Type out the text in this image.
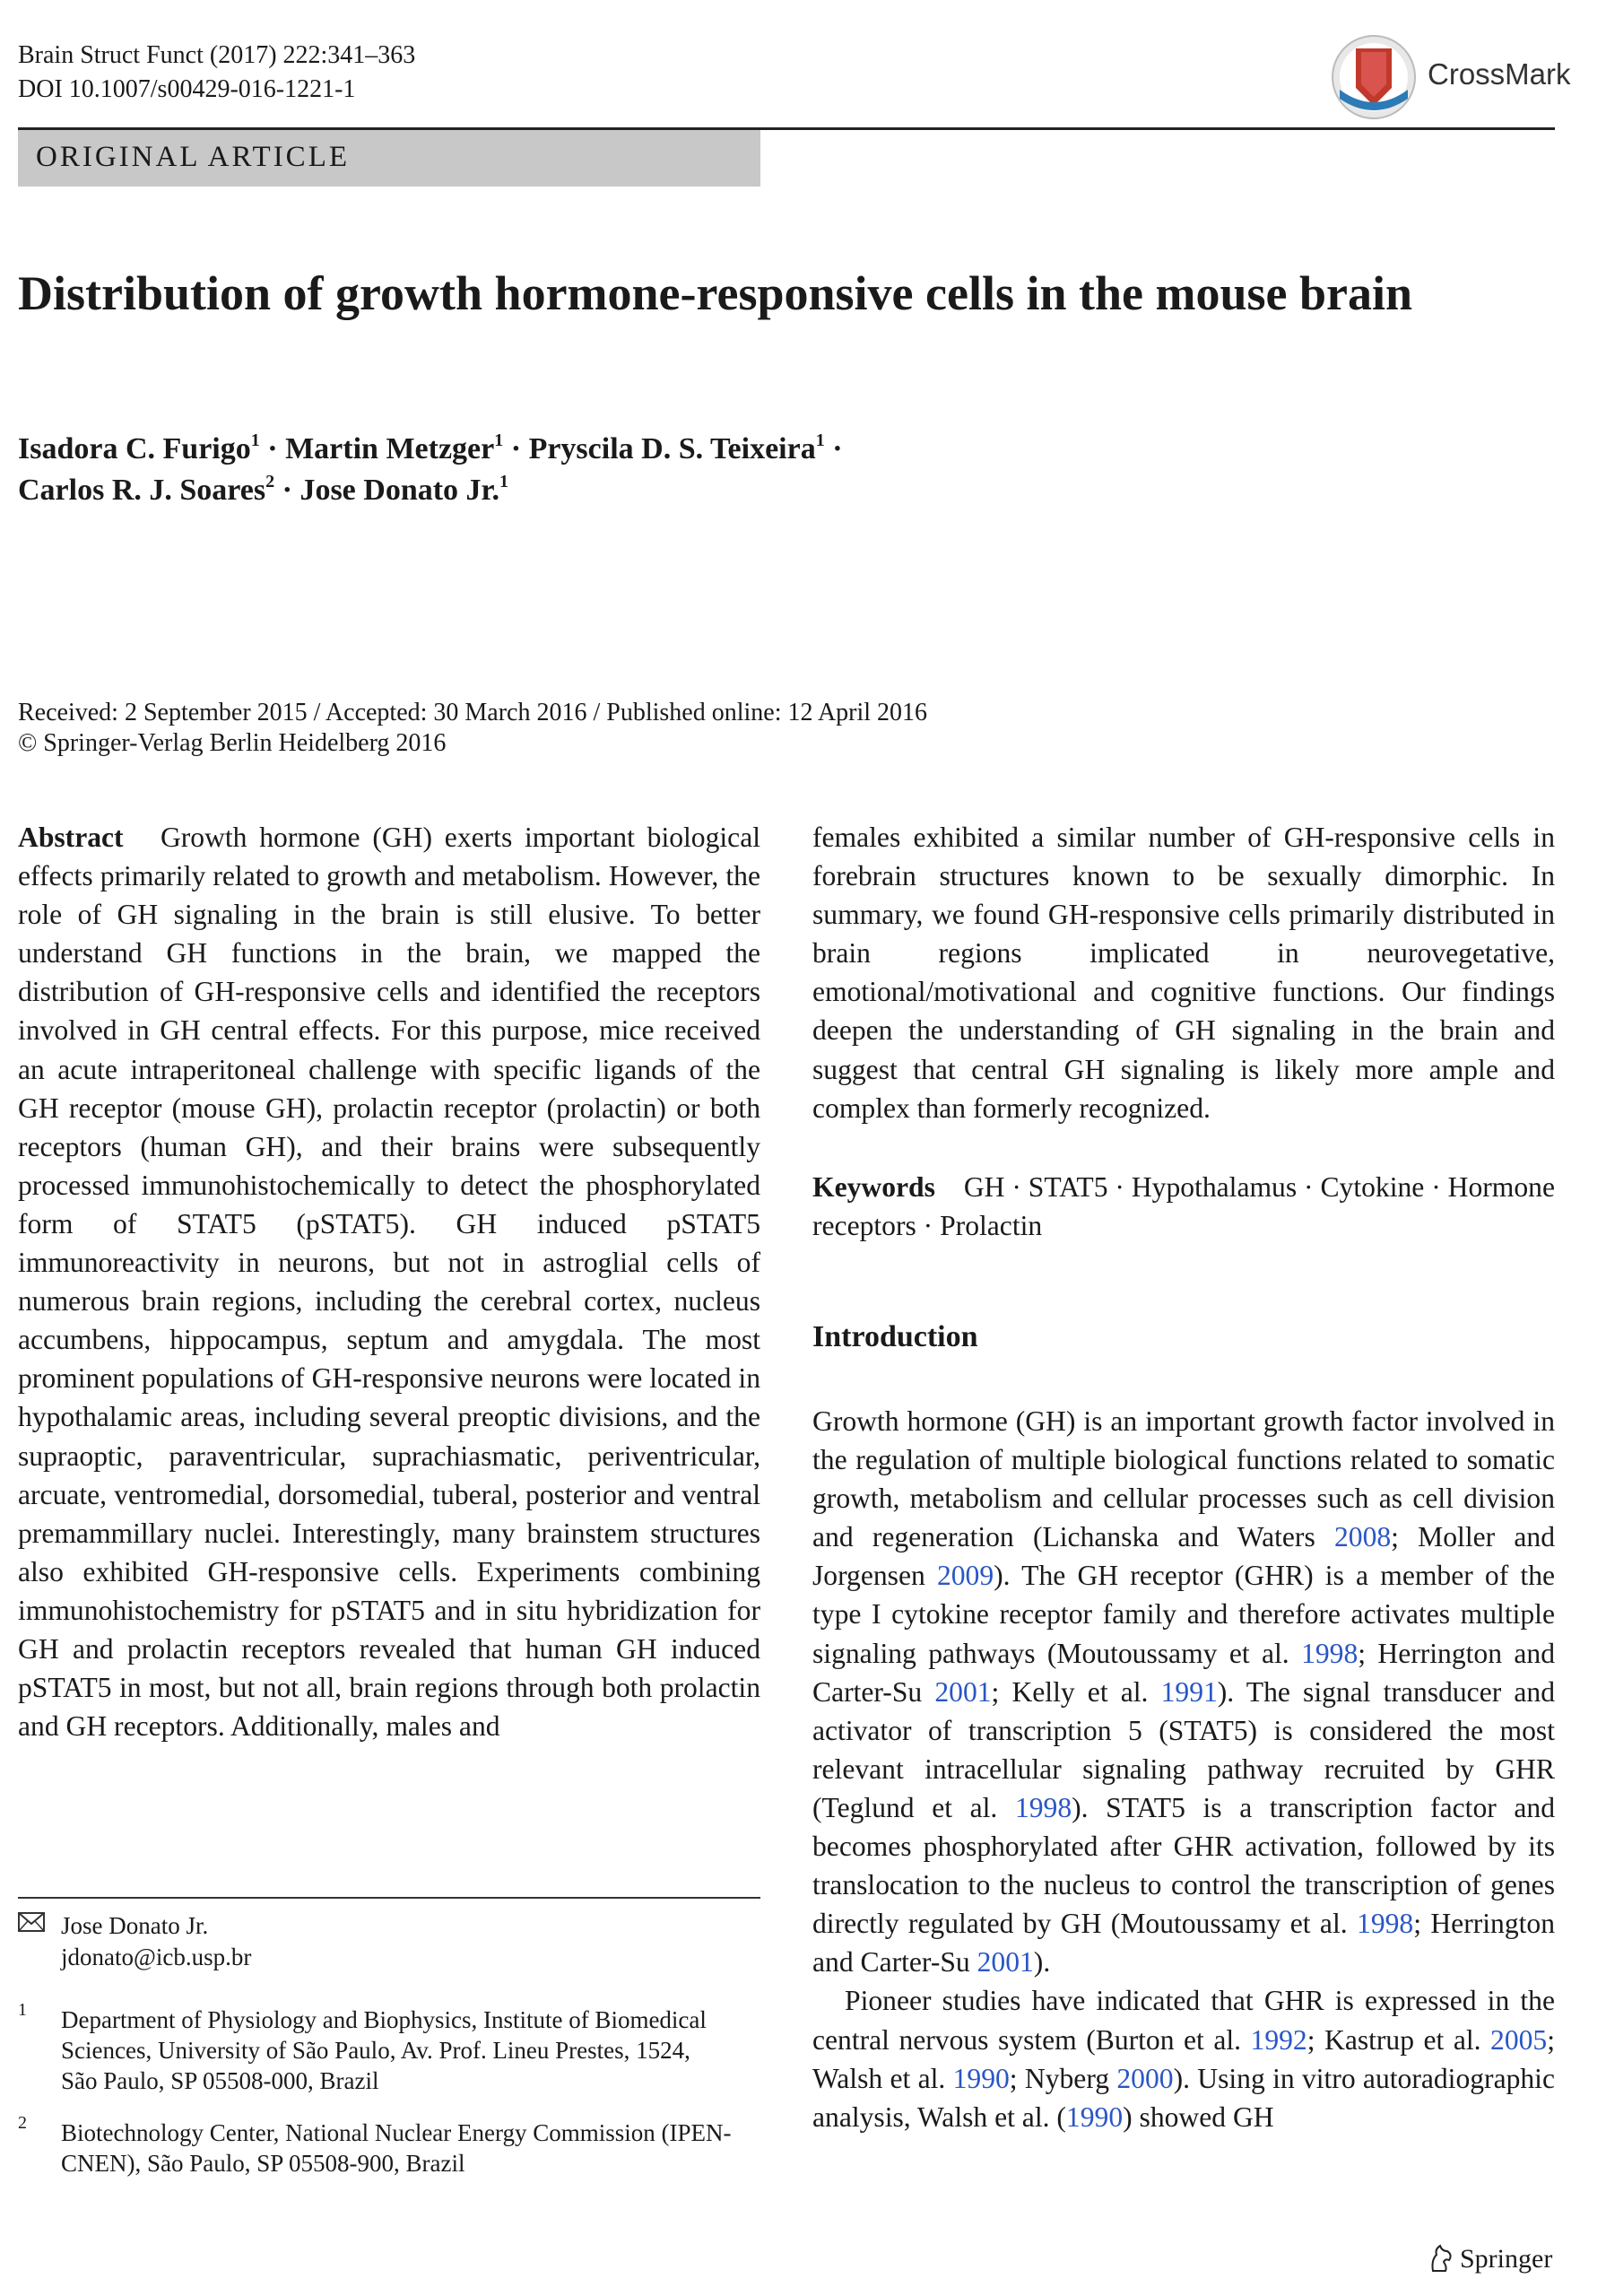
Brain Struct Funct (2017) 222:341–363
DOI 10.1007/s00429-016-1221-1	CrossMark
ORIGINAL ARTICLE
Distribution of growth hormone-responsive cells in the mouse brain
Isadora C. Furigo$^1$ · Martin Metzger$^1$ · Pryscila D. S. Teixeira$^1$ ·
Carlos R. J. Soares$^2$ · Jose Donato Jr.$^1$
Received: 2 September 2015 / Accepted: 30 March 2016 / Published online: 12 April 2016
© Springer-Verlag Berlin Heidelberg 2016

Abstract Growth hormone (GH) exerts important biological effects primarily related to growth and metabolism. However, the role of GH signaling in the brain is still elusive. To better understand GH functions in the brain, we mapped the distribution of GH-responsive cells and identified the receptors involved in GH central effects. For this purpose, mice received an acute intraperitoneal challenge with specific ligands of the GH receptor (mouse GH), prolactin receptor (prolactin) or both receptors (human GH), and their brains were subsequently processed immunohistochemically to detect the phosphorylated form of STAT5 (pSTAT5). GH induced pSTAT5 immunoreactivity in neurons, but not in astroglial cells of numerous brain regions, including the cerebral cortex, nucleus accumbens, hippocampus, septum and amygdala. The most prominent populations of GH-responsive neurons were located in hypothalamic areas, including several preoptic divisions, and the supraoptic, paraventricular, suprachiasmatic, periventricular, arcuate, ventromedial, dorsomedial, tuberal, posterior and ventral premammillary nuclei. Interestingly, many brainstem structures also exhibited GH-responsive cells. Experiments combining immunohistochemistry for pSTAT5 and in situ hybridization for GH and prolactin receptors revealed that human GH induced pSTAT5 in most, but not all, brain regions through both prolactin and GH receptors. Additionally, males and

females exhibited a similar number of GH-responsive cells in forebrain structures known to be sexually dimorphic. In summary, we found GH-responsive cells primarily distributed in brain regions implicated in neurovegetative, emotional/motivational and cognitive functions. Our findings deepen the understanding of GH signaling in the brain and suggest that central GH signaling is likely more ample and complex than formerly recognized.

Keywords GH · STAT5 · Hypothalamus · Cytokine · Hormone receptors · Prolactin
Introduction

Growth hormone (GH) is an important growth factor involved in the regulation of multiple biological functions related to somatic growth, metabolism and cellular processes such as cell division and regeneration (Lichanska and Waters 2008; Moller and Jorgensen 2009). The GH receptor (GHR) is a member of the type I cytokine receptor family and therefore activates multiple signaling pathways (Moutoussamy et al. 1998; Herrington and Carter-Su 2001; Kelly et al. 1991). The signal transducer and activator of transcription 5 (STAT5) is considered the most relevant intracellular signaling pathway recruited by GHR (Teglund et al. 1998). STAT5 is a transcription factor and becomes phosphorylated after GHR activation, followed by its translocation to the nucleus to control the transcription of genes directly regulated by GH (Moutoussamy et al. 1998; Herrington and Carter-Su 2001).

Pioneer studies have indicated that GHR is expressed in the central nervous system (Burton et al. 1992; Kastrup et al. 2005; Walsh et al. 1990; Nyberg 2000). Using in vitro autoradiographic analysis, Walsh et al. (1990) showed GH

Jose Donato Jr.
jdonato@icb.usp.br
1 Department of Physiology and Biophysics, Institute of Biomedical Sciences, University of São Paulo, Av. Prof. Lineu Prestes, 1524, São Paulo, SP 05508-000, Brazil
2 Biotechnology Center, National Nuclear Energy Commission (IPEN-CNEN), São Paulo, SP 05508-900, Brazil
Springer
